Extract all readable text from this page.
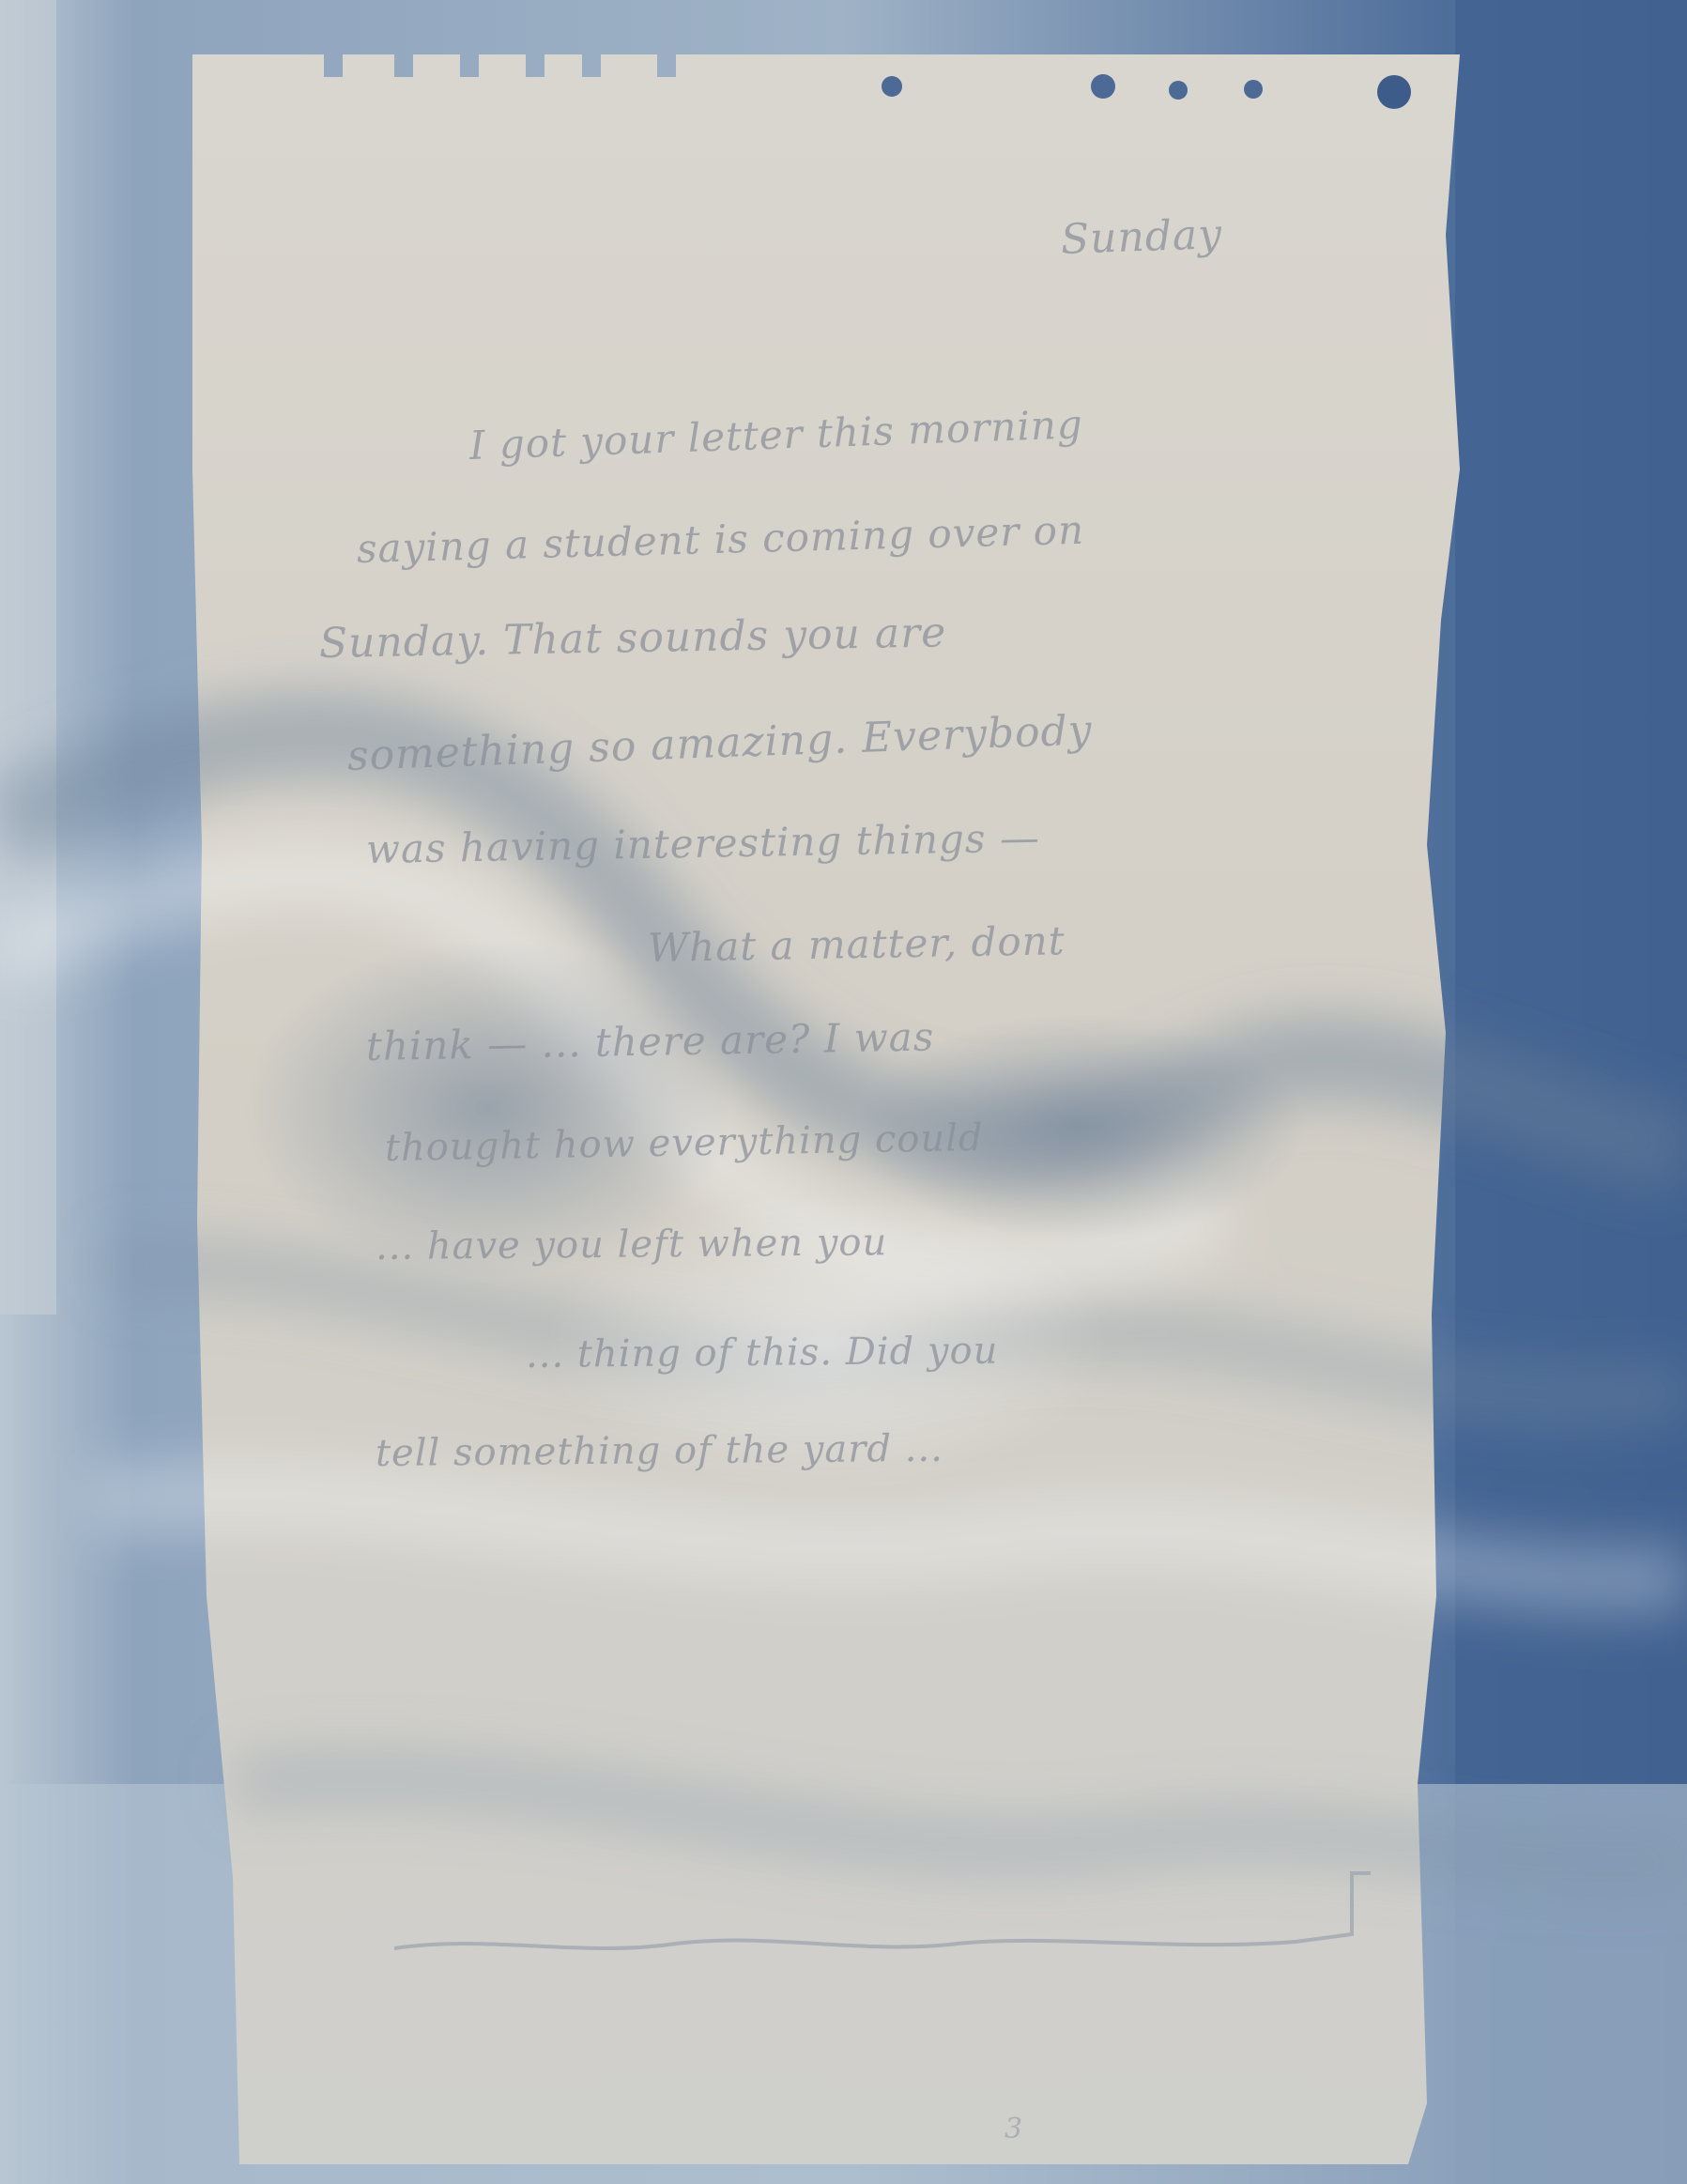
Sunday
I got your letter this morning
saying a student is coming over on
Sunday. That sounds you are
something so amazing. Everybody
was having interesting things —
What a matter, dont
think — ... there are? I was
thought how everything could
... have you left when you
... thing of this. Did you
tell something of the yard ...
3
